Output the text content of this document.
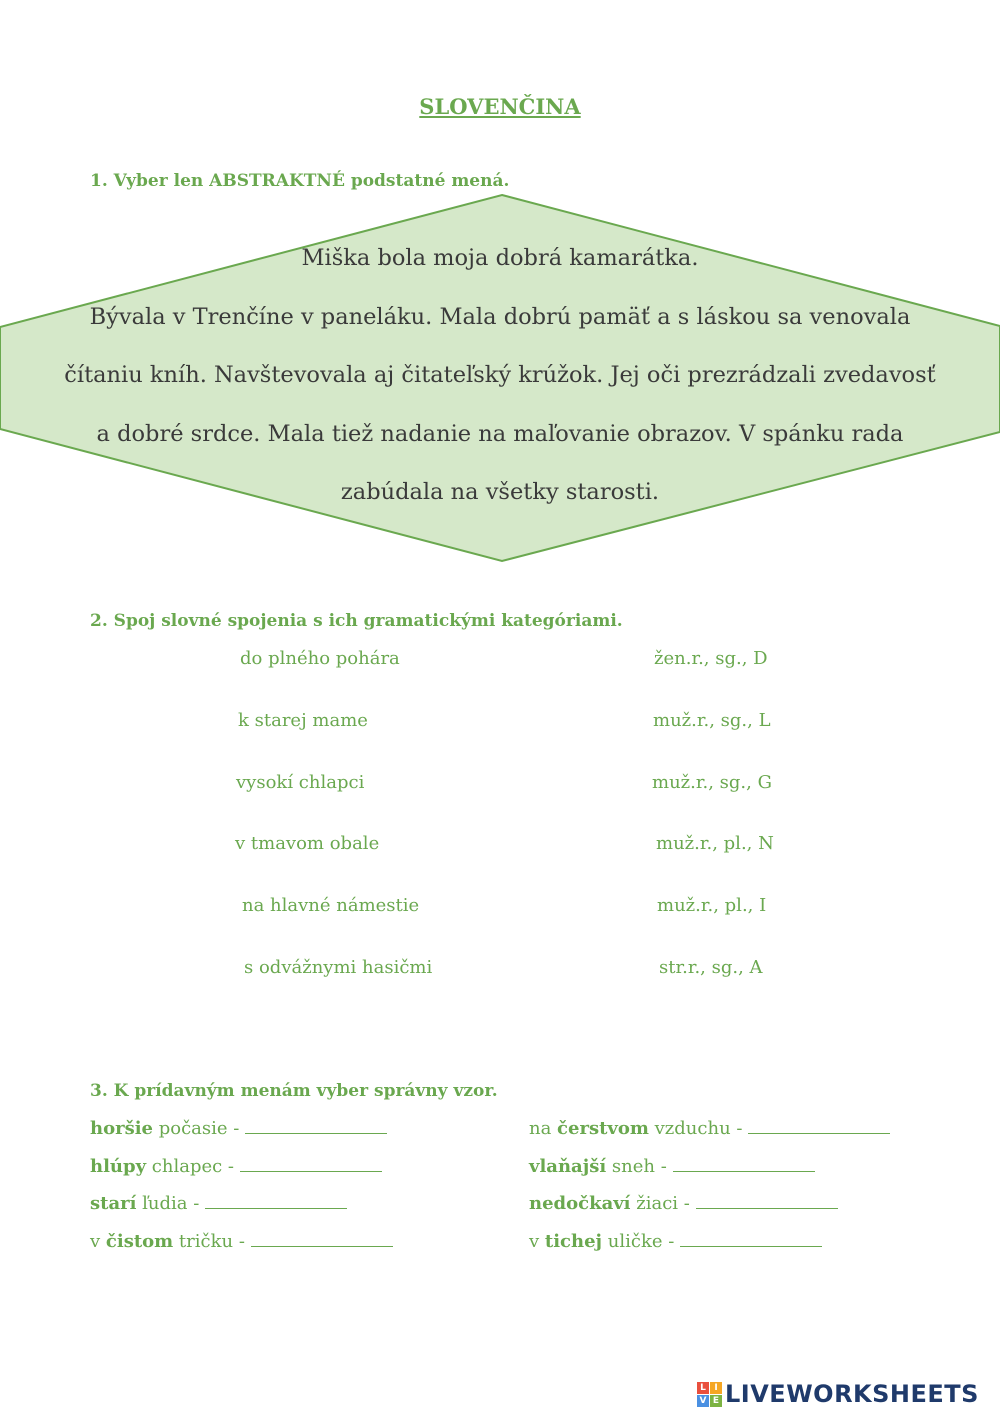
SLOVENČINA
1. Vyber len ABSTRAKTNÉ podstatné mená.
Miška bola moja dobrá kamarátka.
Bývala v Trenčíne v paneláku. Mala dobrú pamäť a s láskou sa venovala
čítaniu kníh. Navštevovala aj čitateľský krúžok. Jej oči prezrádzali zvedavosť
a dobré srdce. Mala tiež nadanie na maľovanie obrazov. V spánku rada
zabúdala na všetky starosti.
2. Spoj slovné spojenia s ich gramatickými kategóriami.
do plného pohára
k starej mame
vysokí chlapci
v tmavom obale
na hlavné námestie
s odvážnymi hasičmi
žen.r., sg., D
muž.r., sg., L
muž.r., sg., G
muž.r., pl., N
muž.r., pl., I
str.r., sg., A
3. K prídavným menám vyber správny vzor.
horšie počasie -
hlúpy chlapec -
starí ľudia -
v čistom tričku -
na čerstvom vzduchu -
vlaňajší sneh -
nedočkaví žiaci -
v tichej uličke -
L I
V E LIVEWORKSHEETS
